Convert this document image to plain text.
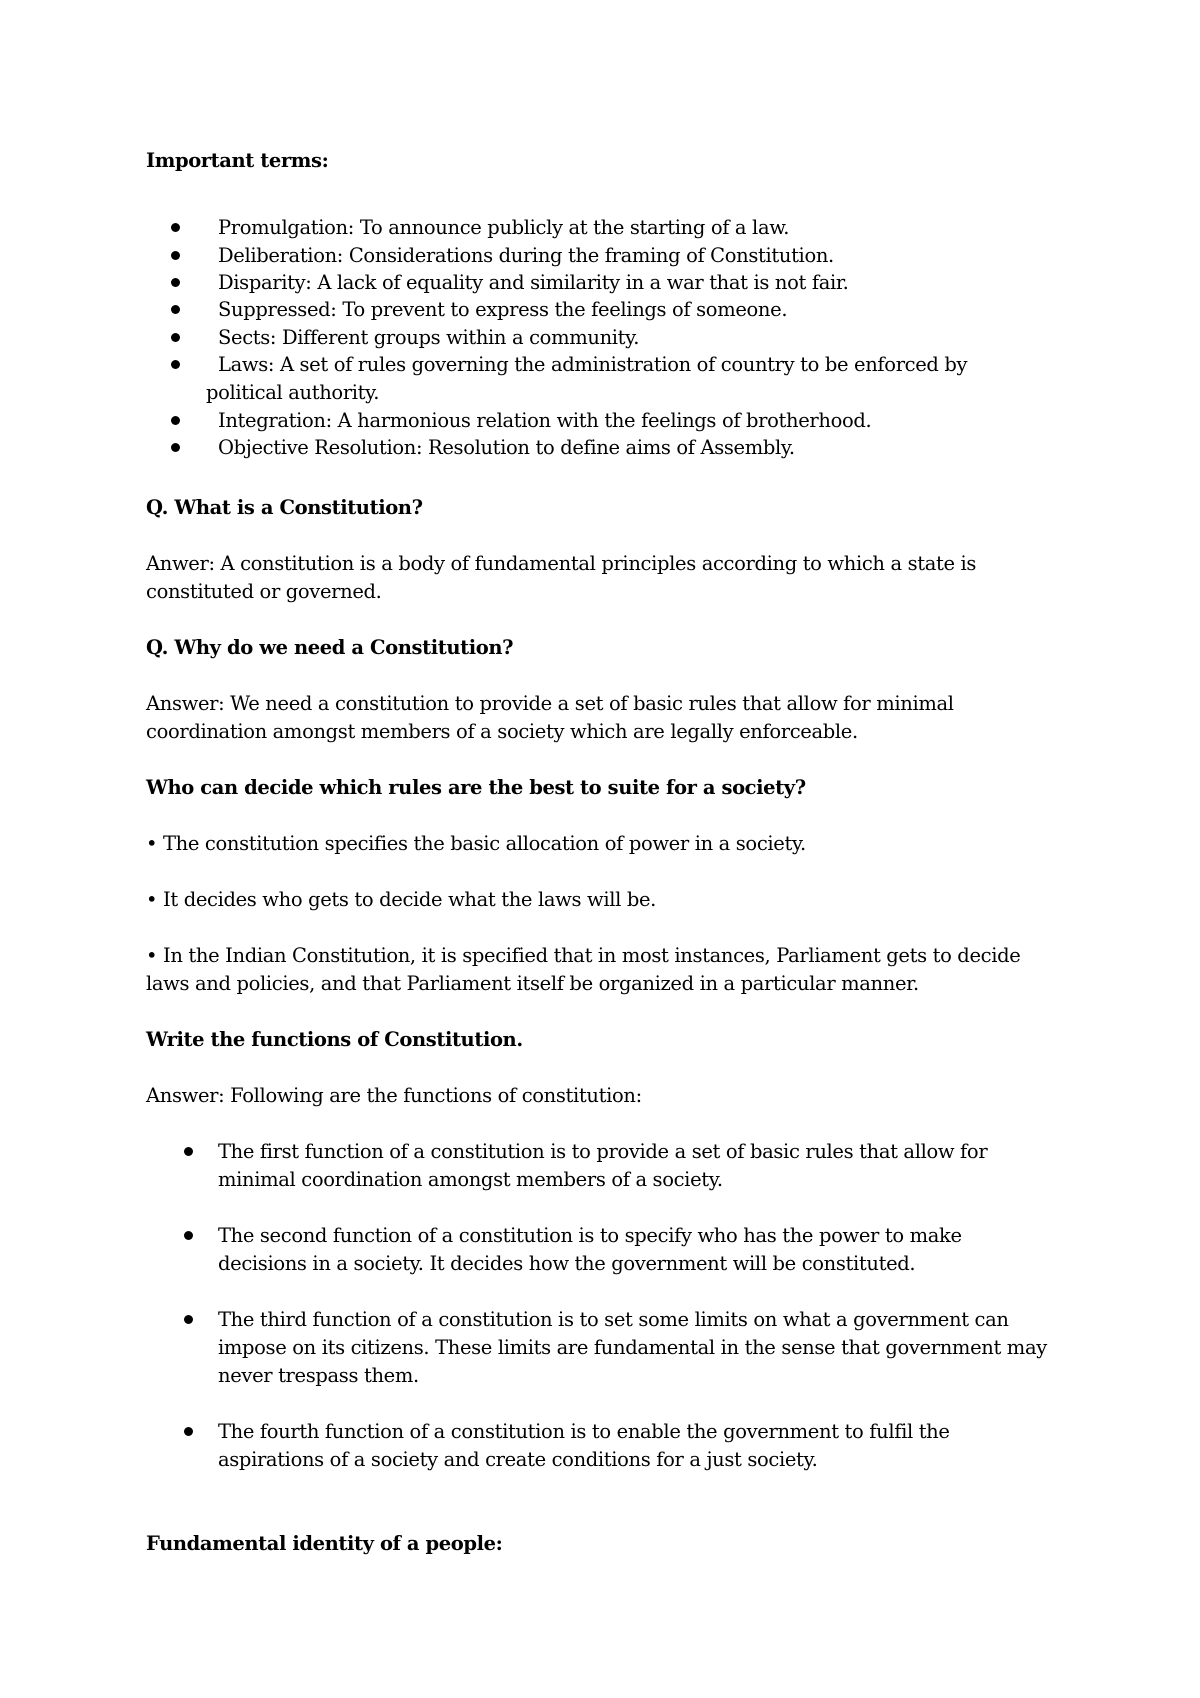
Important terms:

Promulgation: To announce publicly at the starting of a law.

Deliberation: Considerations during the framing of Constitution.

Disparity: A lack of equality and similarity in a war that is not fair.

Suppressed: To prevent to express the feelings of someone.

Sects: Different groups within a community.

Laws: A set of rules governing the administration of country to be enforced by

political authority.

Integration: A harmonious relation with the feelings of brotherhood.

Objective Resolution: Resolution to define aims of Assembly.

Q. What is a Constitution?

Anwer: A constitution is a body of fundamental principles according to which a state is

constituted or governed.

Q. Why do we need a Constitution?

Answer: We need a constitution to provide a set of basic rules that allow for minimal

coordination amongst members of a society which are legally enforceable.

Who can decide which rules are the best to suite for a society?

• The constitution specifies the basic allocation of power in a society.

• It decides who gets to decide what the laws will be.

• In the Indian Constitution, it is specified that in most instances, Parliament gets to decide

laws and policies, and that Parliament itself be organized in a particular manner.

Write the functions of Constitution.

Answer: Following are the functions of constitution:

The first function of a constitution is to provide a set of basic rules that allow for

minimal coordination amongst members of a society.

The second function of a constitution is to specify who has the power to make

decisions in a society. It decides how the government will be constituted.

The third function of a constitution is to set some limits on what a government can

impose on its citizens. These limits are fundamental in the sense that government may

never trespass them.

The fourth function of a constitution is to enable the government to fulfil the

aspirations of a society and create conditions for a just society.

Fundamental identity of a people:
